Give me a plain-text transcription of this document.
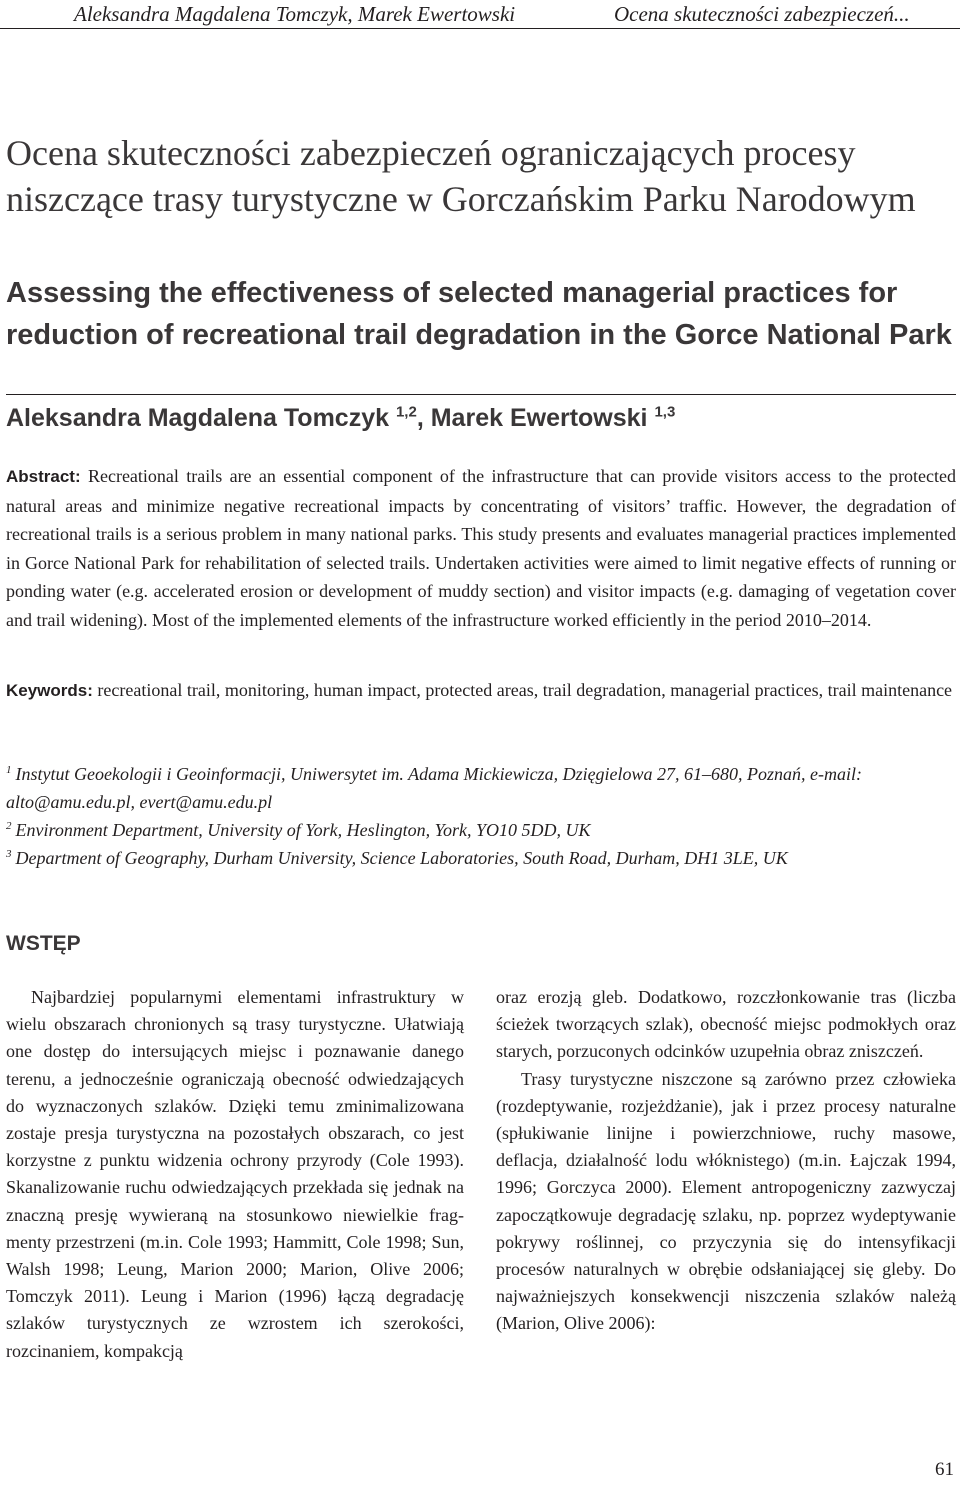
Aleksandra Magdalena Tomczyk, Marek Ewertowski	Ocena skuteczności zabezpieczeń...
Ocena skuteczności zabezpieczeń ograniczających procesy niszczące trasy turystyczne w Gorczańskim Parku Narodowym
Assessing the effectiveness of selected managerial practices for reduction of recreational trail degradation in the Gorce National Park
Aleksandra Magdalena Tomczyk $^{1,2}$, Marek Ewertowski $^{1,3}$
Abstract: Recreational trails are an essential component of the infrastructure that can provide visitors access to the protected natural areas and minimize negative recreational impacts by concentrating of visitors’ traffic. However, the degradation of recreational trails is a serious problem in many national parks. This study presents and evaluates managerial practices implemented in Gorce National Park for rehabilitation of selected trails. Undertaken activities were aimed to limit negative effects of running or ponding water (e.g. accelerated erosion or development of muddy section) and visitor impacts (e.g. damaging of vegetation cover and trail widening). Most of the implemented elements of the infrastructure worked efficiently in the period 2010–2014.
Keywords: recreational trail, monitoring, human impact, protected areas, trail degradation, managerial practices, trail maintenance

$^1$ Instytut Geoekologii i Geoinformacji, Uniwersytet im. Adama Mickiewicza, Dzięgielowa 27, 61–680, Poznań, e-mail: alto@amu.edu.pl, evert@amu.edu.pl

$^2$ Environment Department, University of York, Heslington, York, YO10 5DD, UK

$^3$ Department of Geography, Durham University, Science Laboratories, South Road, Durham, DH1 3LE, UK

WSTĘP

Najbardziej popularnymi elementami infrastruktury w wielu obszarach chronionych są trasy turystyczne. Ułatwiają one dostęp do intersujących miejsc i poznawanie danego terenu, a jednocześnie ograniczają obecność odwiedzających do wyznaczonych szlaków. Dzięki temu zminimalizowana zostaje presja turystyczna na pozostałych obszarach, co jest korzystne z punktu widzenia ochrony przyrody (Cole 1993). Skanalizowanie ruchu odwiedzających przekłada się jednak na znaczną presję wywieraną na stosunkowo niewielkie fragmenty przestrzeni (m.in. Cole 1993; Hammitt, Cole 1998; Sun, Walsh 1998; Leung, Marion 2000; Marion, Olive 2006; Tomczyk 2011). Leung i Marion (1996) łączą degradację szlaków turystycznych ze wzrostem ich szerokości, rozcinaniem, kompakcją

oraz erozją gleb. Dodatkowo, rozczłonkowanie tras (liczba ścieżek tworzących szlak), obecność miejsc podmokłych oraz starych, porzuconych odcinków uzupełnia obraz zniszczeń.

Trasy turystyczne niszczone są zarówno przez człowieka (rozdeptywanie, rozjeżdżanie), jak i przez procesy naturalne (spłukiwanie linijne i powierzchniowe, ruchy masowe, deflacja, działalność lodu włóknistego) (m.in. Łajczak 1994, 1996; Gorczyca 2000). Element antropogeniczny zazwyczaj zapoczątkowuje degradację szlaku, np. poprzez wydeptywanie pokrywy roślinnej, co przyczynia się do intensyfikacji procesów naturalnych w obrębie odsłaniającej się gleby. Do najważniejszych konsekwencji niszczenia szlaków należą (Marion, Olive 2006):

61
